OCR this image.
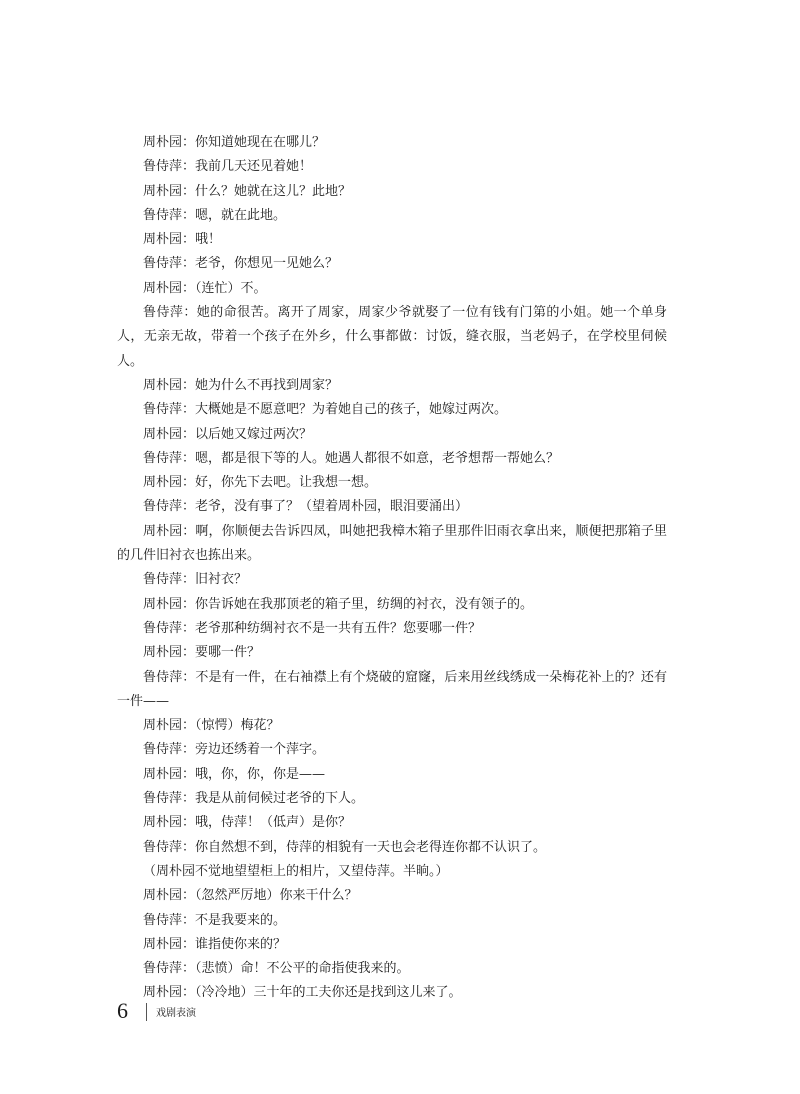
周朴园：你知道她现在在哪儿？

鲁侍萍：我前几天还见着她！

周朴园：什么？她就在这儿？此地？

鲁侍萍：嗯，就在此地。

周朴园：哦！

鲁侍萍：老爷，你想见一见她么？

周朴园：（连忙）不。

鲁侍萍：她的命很苦。离开了周家，周家少爷就娶了一位有钱有门第的小姐。她一个单身人，无亲无故，带着一个孩子在外乡，什么事都做：讨饭，缝衣服，当老妈子，在学校里伺候人。

周朴园：她为什么不再找到周家？

鲁侍萍：大概她是不愿意吧？为着她自己的孩子，她嫁过两次。

周朴园：以后她又嫁过两次？

鲁侍萍：嗯，都是很下等的人。她遇人都很不如意，老爷想帮一帮她么？

周朴园：好，你先下去吧。让我想一想。

鲁侍萍：老爷，没有事了？（望着周朴园，眼泪要涌出）

周朴园：啊，你顺便去告诉四凤，叫她把我樟木箱子里那件旧雨衣拿出来，顺便把那箱子里的几件旧衬衣也拣出来。

鲁侍萍：旧衬衣？

周朴园：你告诉她在我那顶老的箱子里，纺绸的衬衣，没有领子的。

鲁侍萍：老爷那种纺绸衬衣不是一共有五件？您要哪一件？

周朴园：要哪一件？

鲁侍萍：不是有一件，在右袖襟上有个烧破的窟窿，后来用丝线绣成一朵梅花补上的？还有一件——

周朴园：（惊愕）梅花？

鲁侍萍：旁边还绣着一个萍字。

周朴园：哦，你，你，你是——

鲁侍萍：我是从前伺候过老爷的下人。

周朴园：哦，侍萍！（低声）是你？

鲁侍萍：你自然想不到，侍萍的相貌有一天也会老得连你都不认识了。

（周朴园不觉地望望柜上的相片，又望侍萍。半晌。）

周朴园：（忽然严厉地）你来干什么？

鲁侍萍：不是我要来的。

周朴园：谁指使你来的？

鲁侍萍：（悲愤）命！不公平的命指使我来的。

周朴园：（冷冷地）三十年的工夫你还是找到这儿来了。

6	戏剧表演
